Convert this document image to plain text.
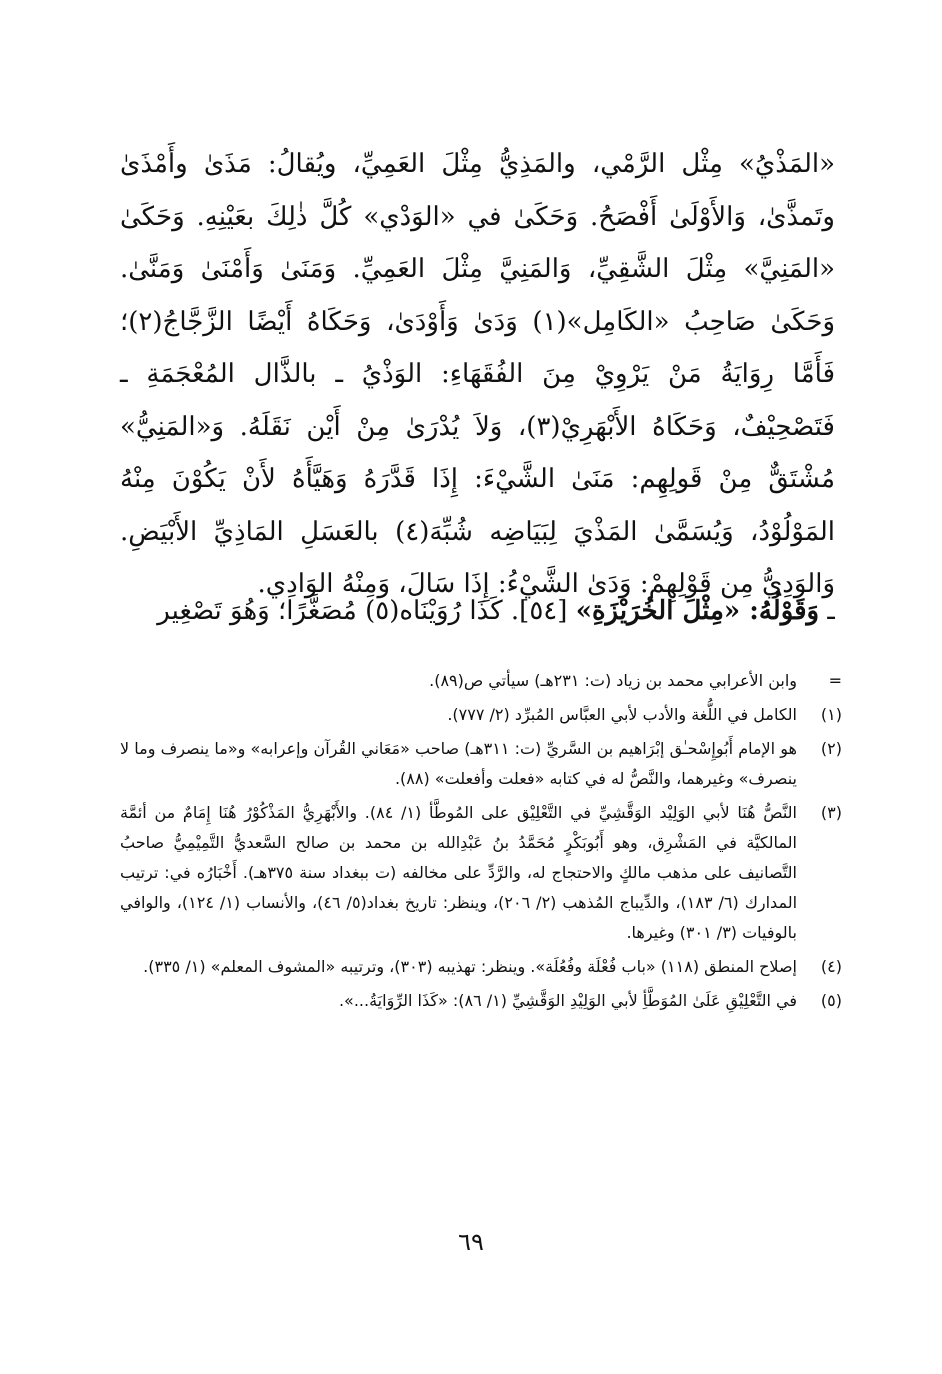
«المَذْيُ» مِثْل الرَّمْي، والمَذِيُّ مِثْلَ العَمِيِّ، ويُقالُ: مَذَىٰ وأَمْذَىٰ وتَمذَّىٰ، وَالأَوْلَىٰ أَفْصَحُ. وَحَكَىٰ في «الوَدْي» كُلَّ ذٰلِكَ بعَيْنِهِ. وَحَكَىٰ «المَنِيَّ» مِثْلَ الشَّقِيِّ، وَالمَنِيَّ مِثْلَ العَمِيِّ. وَمَنَىٰ وَأَمْنَىٰ وَمَنَّىٰ. وَحَكَىٰ صَاحِبُ «الكَامِل»(١) وَدَىٰ وَأَوْدَىٰ، وَحَكَاهُ أَيْضًا الزَّجَّاجُ(٢)؛ فَأَمَّا رِوَايَةُ مَنْ يَرْوِيْ مِنَ الفُقَهَاءِ: الوَذْيُ ـ بالذَّال المُعْجَمَةِ ـ فَتَصْحِيْفٌ، وَحَكَاهُ الأَبْهَرِيْ(٣)، وَلاَ يُدْرَىٰ مِنْ أَيْن نَقَلَهُ. وَ«المَنِيُّ» مُشْتَقٌّ مِنْ قَولِهِم: مَنَىٰ الشَّيْءَ: إِذَا قَدَّرَهُ وَهَيَّأَهُ لأَنْ يَكُوْنَ مِنْهُ المَوْلُوْدُ، وَيُسَمَّىٰ المَذْيَ لِبَيَاضِه شُبِّهَ(٤) بالعَسَلِ المَاذِيِّ الأَبْيَضِ. وَالوَدِيُّ مِن قَوْلِهِمْ: وَدَىٰ الشَّيْءُ: إِذَا سَالَ، وَمِنْهُ الوَادِي.

ـ وَقَوْلُهُ: «مِثْلَ الخُرَيْزَةِ» [٥٤]. كَذَا رُوَيْنَاه(٥) مُصَغَّرًا؛ وَهُوَ تَصْغِير
=
وابن الأعرابي محمد بن زياد (ت: ٢٣١هـ) سيأتي ص(٨٩).
(١)
الكامل في اللُّغة والأدب لأبي العبَّاس المُبرِّد (٢/ ٧٧٧).
(٢)
هو الإمام أَبُوإِسْحـٰق إبْرَاهيم بن السَّريِّ (ت: ٣١١هـ) صاحب «مَعَاني القُرآن وإعرابه» و«ما ينصرف وما لا ينصرف» وغيرهما، والنَّصُّ له في كتابه «فعلت وأفعلت» (٨٨).
(٣)
النَّصُّ هُنَا لأبي الوَلِيْد الوَقَّشِيِّ في التَّعْلِيْق على المُوطَّأ (١/ ٨٤). والأَبْهَرِيُّ المَذْكُوْرُ هُنَا إِمَامٌ من أئمَّة المالكيَّة في المَشْرِق، وهو أَبُوبَكْرٍ مُحَمَّدُ بنُ عَبْدِالله بن محمد بن صالح السَّعديُّ التَّمِيْمِيُّ صاحبُ التَّصانيف على مذهب مالكٍ والاحتجاج له، والرَّدِّ على مخالفه (ت ببغداد سنة ٣٧٥هـ). أَخْبَارُه في: ترتيب المدارك (٦/ ١٨٣)، والدِّيباج المُذهب (٢/ ٢٠٦)، وينظر: تاريخ بغداد(٥/ ٤٦)، والأنساب (١/ ١٢٤)، والوافي بالوفيات (٣/ ٣٠١) وغيرها.
(٤)
إصلاح المنطق (١١٨) «باب فُعْلَة وفُعُلَة». وينظر: تهذيبه (٣٠٣)، وترتيبه «المشوف المعلم» (١/ ٣٣٥).
(٥)
في التَّعْلِيْقِ عَلَىٰ المُوَطَّأِ لأبي الوَلِيْدِ الوَقَّشِيِّ (١/ ٨٦): «كَذَا الرِّوَايَةُ...».
٦٩
